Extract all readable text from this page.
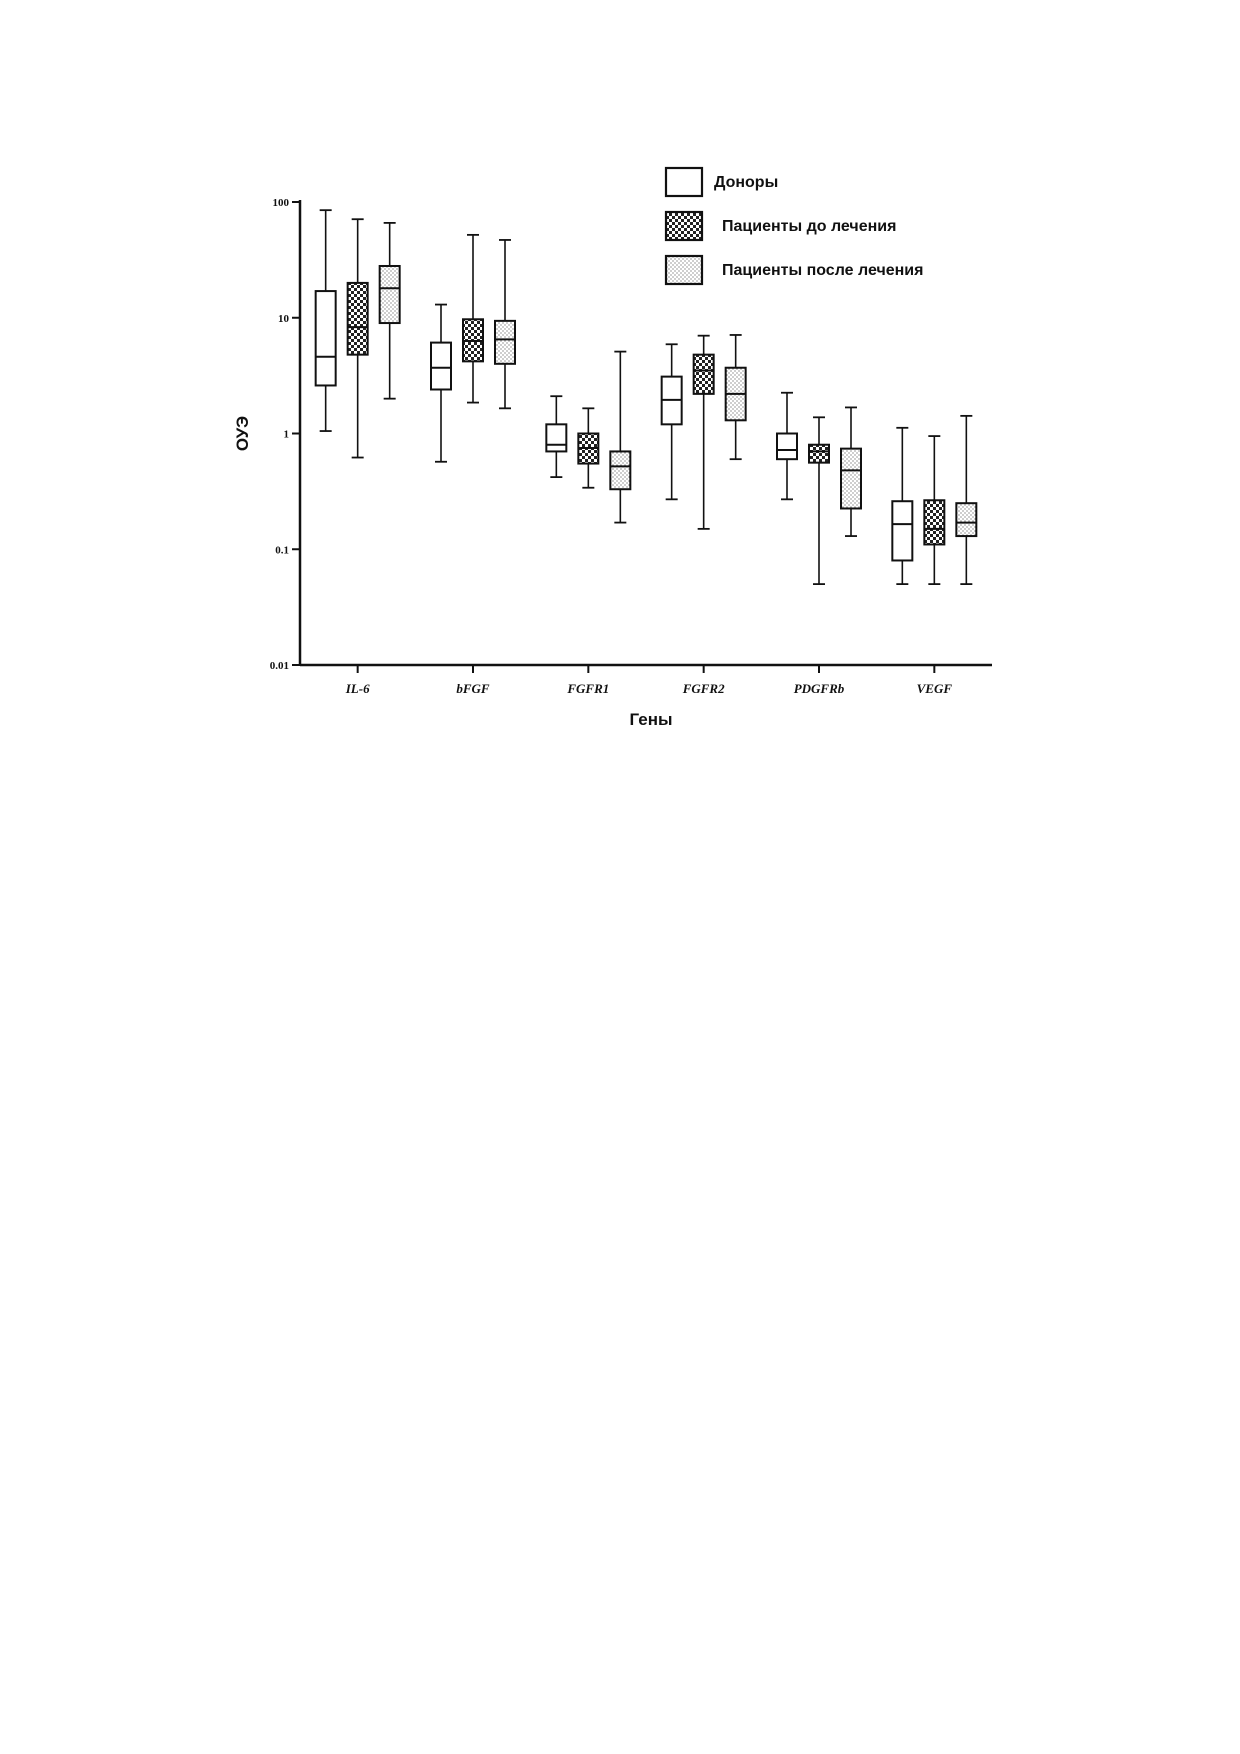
0.01
0.1
1
10
100
IL-6	bFGF	FGFR1	FGFR2	PDGFRb	VEGF
Гены
ОУЭ
Доноры
Пациенты до лечения
Пациенты после лечения
